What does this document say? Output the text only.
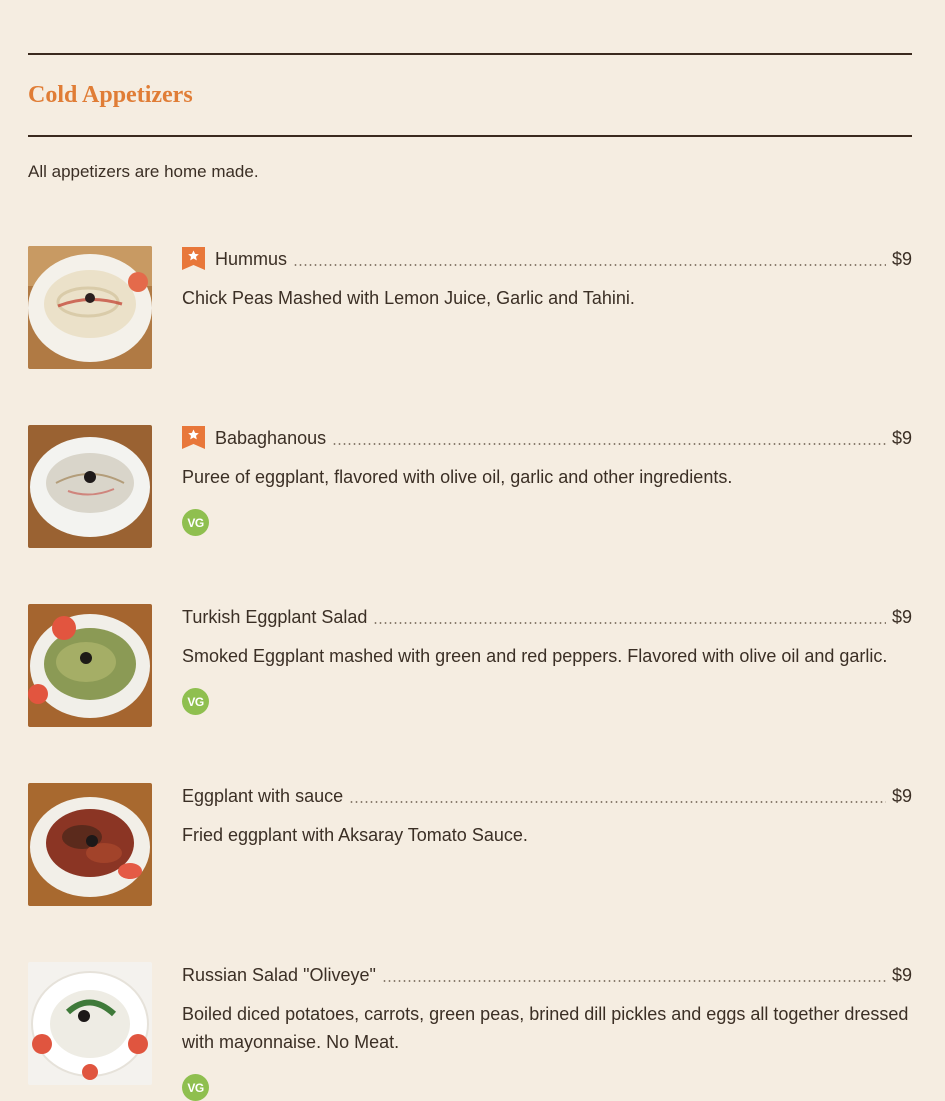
Cold Appetizers

All appetizers are home made.

Hummus	$9

Chick Peas Mashed with Lemon Juice, Garlic and Tahini.

Babaghanous	$9

Puree of eggplant, flavored with olive oil, garlic and other ingredients.

VG
Turkish Eggplant Salad	$9

Smoked Eggplant mashed with green and red peppers. Flavored with olive oil and garlic.

VG
Eggplant with sauce	$9

Fried eggplant with Aksaray Tomato Sauce.

Russian Salad "Oliveye"	$9

Boiled diced potatoes, carrots, green peas, brined dill pickles and eggs all together dressed with mayonnaise. No Meat.

VG
